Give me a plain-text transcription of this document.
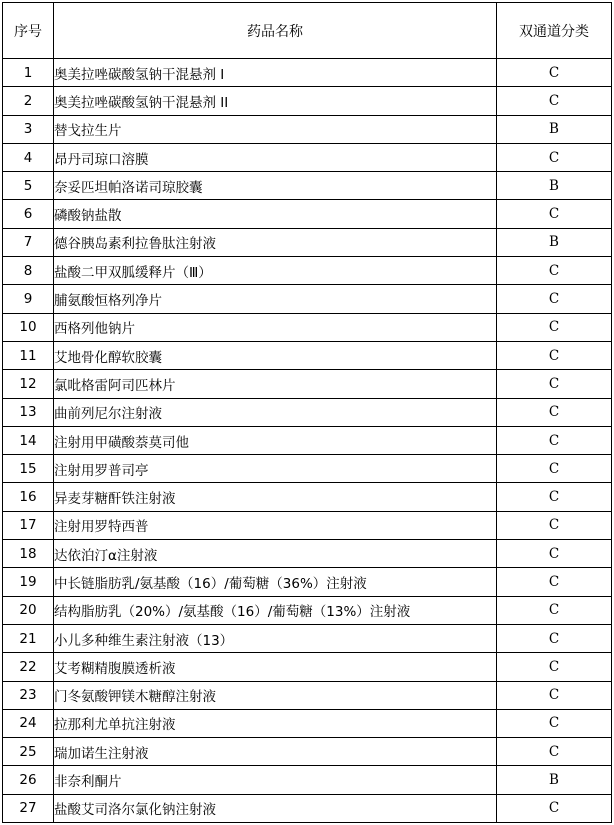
序号	药品名称	双通道分类
1	奥美拉唑碳酸氢钠干混悬剂 I	C
2	奥美拉唑碳酸氢钠干混悬剂 II	C
3	替戈拉生片	B
4	昂丹司琼口溶膜	C
5	奈妥匹坦帕洛诺司琼胶囊	B
6	磷酸钠盐散	C
7	德谷胰岛素利拉鲁肽注射液	B
8	盐酸二甲双胍缓释片（Ⅲ）	C
9	脯氨酸恒格列净片	C
10	西格列他钠片	C
11	艾地骨化醇软胶囊	C
12	氯吡格雷阿司匹林片	C
13	曲前列尼尔注射液	C
14	注射用甲磺酸萘莫司他	C
15	注射用罗普司亭	C
16	异麦芽糖酐铁注射液	C
17	注射用罗特西普	C
18	达依泊汀α注射液	C
19	中长链脂肪乳/氨基酸（16）/葡萄糖（36%）注射液	C
20	结构脂肪乳（20%）/氨基酸（16）/葡萄糖（13%）注射液	C
21	小儿多种维生素注射液（13）	C
22	艾考糊精腹膜透析液	C
23	门冬氨酸钾镁木糖醇注射液	C
24	拉那利尤单抗注射液	C
25	瑞加诺生注射液	C
26	非奈利酮片	B
27	盐酸艾司洛尔氯化钠注射液	C
